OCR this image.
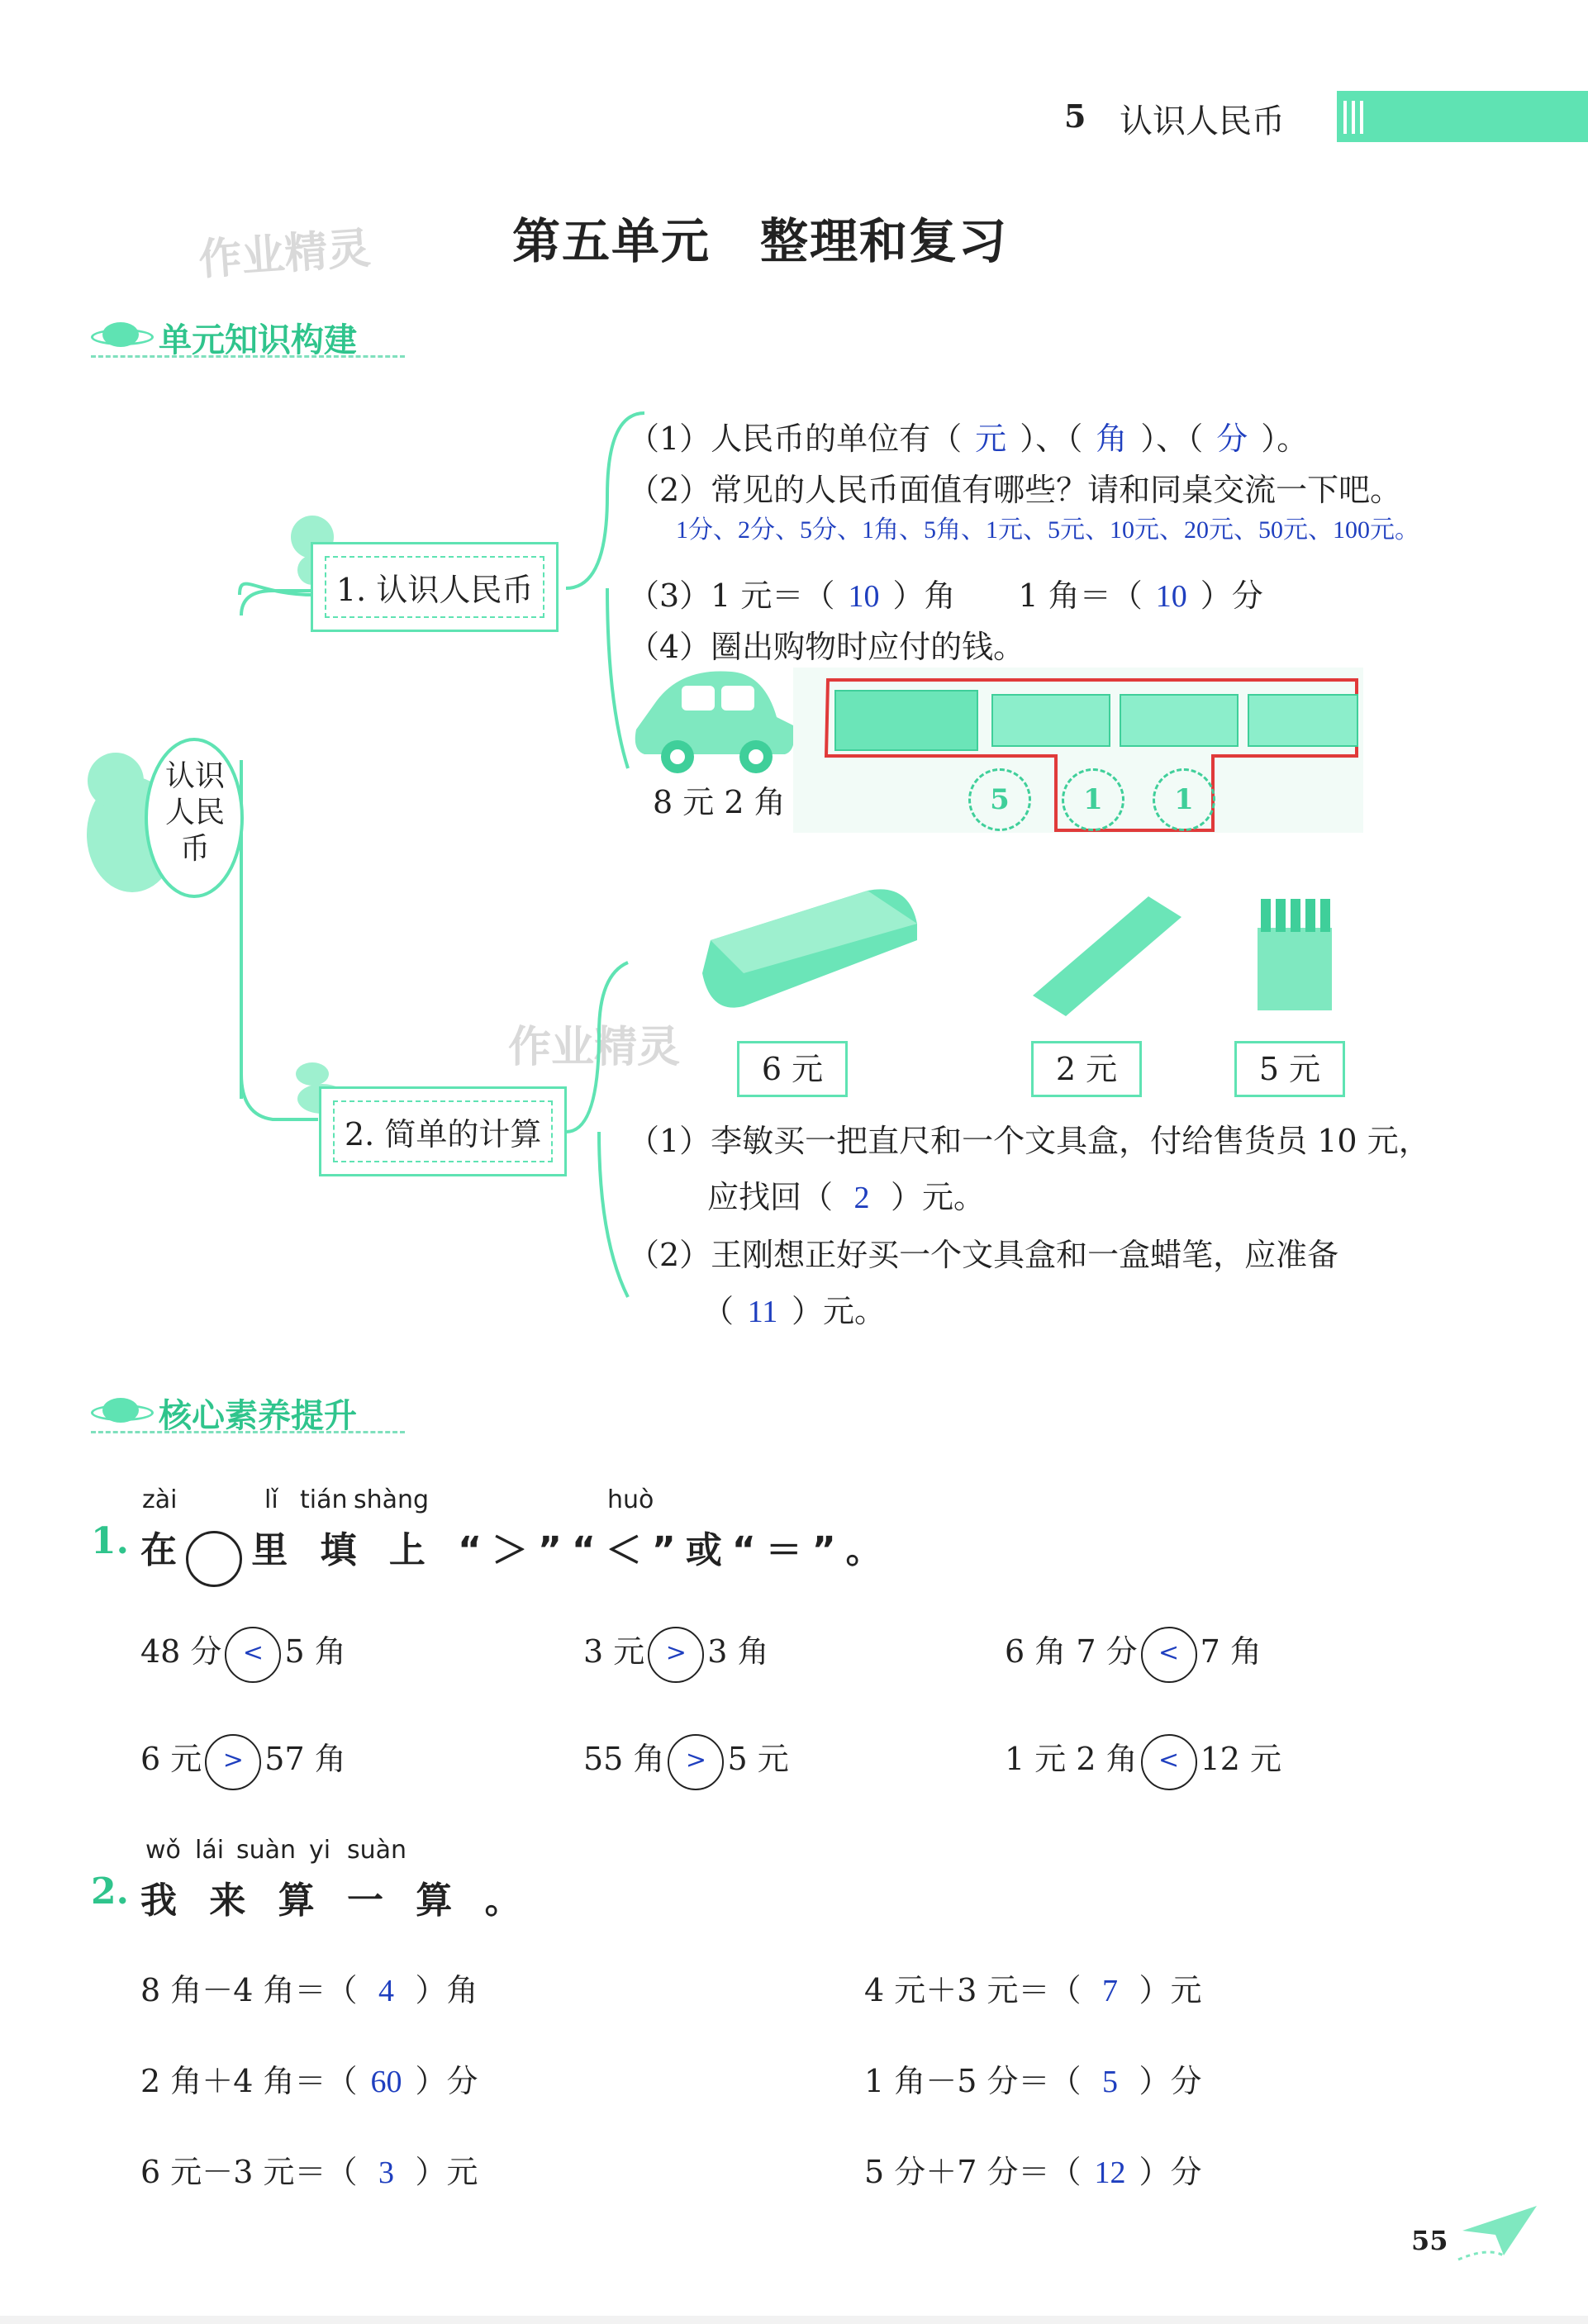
5 认识人民币
作业精灵
作业精灵
第五单元　整理和复习
单元知识构建
认识
人民
币
1. 认识人民币
2. 简单的计算
（1）人民币的单位有（ 元 ）、（ 角 ）、（ 分 ）。
（2）常见的人民币面值有哪些？请和同桌交流一下吧。
1分、2分、5分、1角、5角、1元、5元、10元、20元、50元、100元。
（3）1 元＝（ 10 ）角　　1 角＝（ 10 ）分
（4）圈出购物时应付的钱。
8 元 2 角	5	1	1
6 元	2 元	5 元
（1）李敏买一把直尺和一个文具盒，付给售货员 10 元，
应找回（ 2 ）元。
（2）王刚想正好买一个文具盒和一盒蜡笔，应准备
（ 11 ）元。
核心素养提升
zài	lǐ tián shàng	huò
1. 在 里 填 上 “＞”“＜”或“＝”。
48 分 < 5 角	3 元 > 3 角	6 角 7 分 < 7 角
6 元 > 57 角	55 角 > 5 元	1 元 2 角 < 12 元
wǒ lái suàn yi suàn
2. 我 来 算 一 算 。
8 角－4 角＝（ 4 ）角	4 元＋3 元＝（ 7 ）元
2 角＋4 角＝（ 60 ）分	1 角－5 分＝（ 5 ）分
6 元－3 元＝（ 3 ）元	5 分＋7 分＝（ 12 ）分
55
